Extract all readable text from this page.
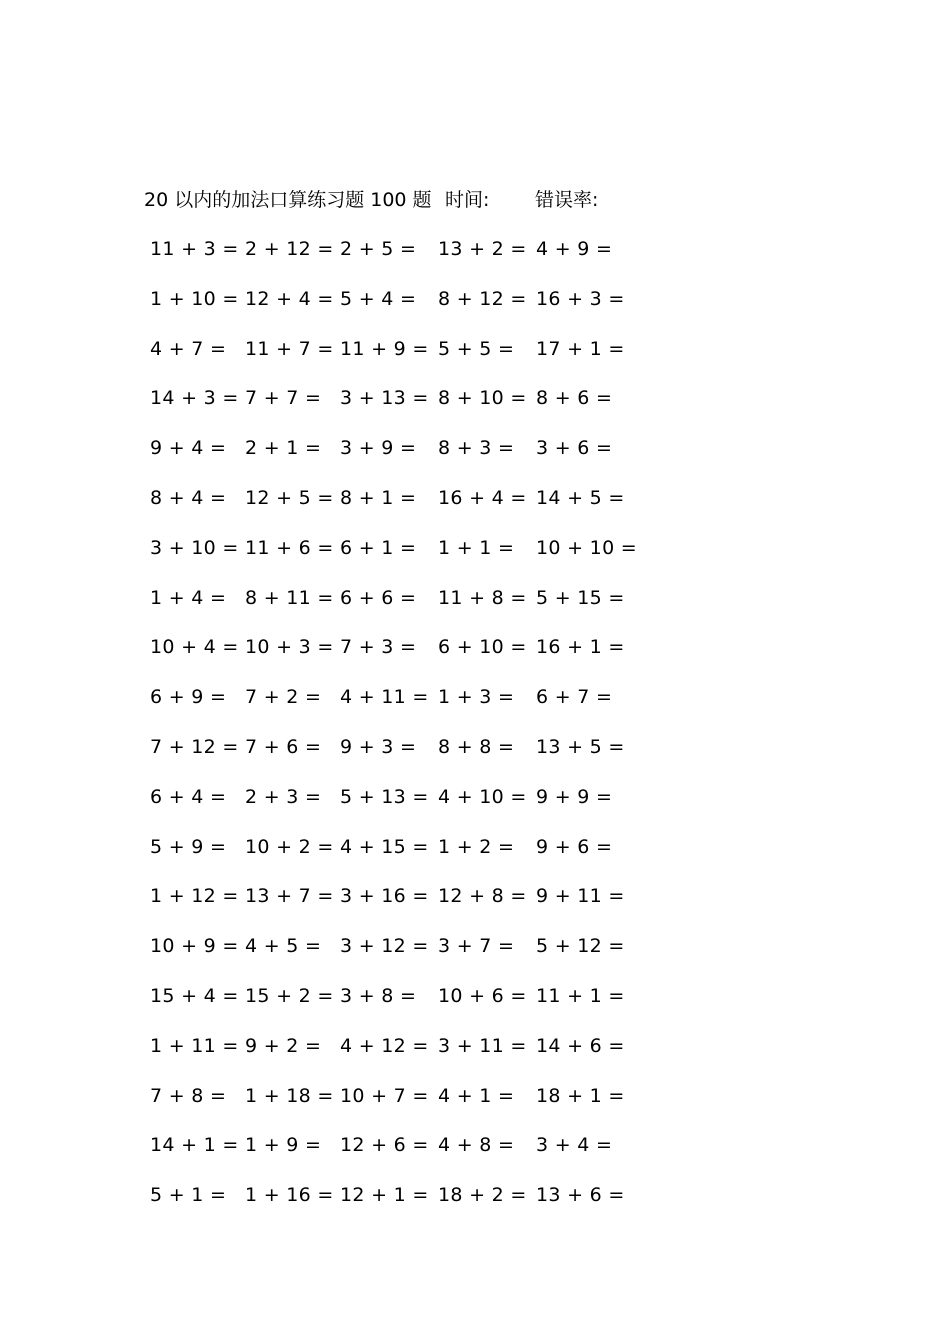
20 以内的加法口算练习题 100 题 时间: 错误率:
11 + 3 = 2 + 12 = 2 + 5 = 13 + 2 = 4 + 9 =
1 + 10 = 12 + 4 = 5 + 4 = 8 + 12 = 16 + 3 =
4 + 7 = 11 + 7 = 11 + 9 = 5 + 5 = 17 + 1 =
14 + 3 = 7 + 7 = 3 + 13 = 8 + 10 = 8 + 6 =
9 + 4 = 2 + 1 = 3 + 9 = 8 + 3 = 3 + 6 =
8 + 4 = 12 + 5 = 8 + 1 = 16 + 4 = 14 + 5 =
3 + 10 = 11 + 6 = 6 + 1 = 1 + 1 = 10 + 10 =
1 + 4 = 8 + 11 = 6 + 6 = 11 + 8 = 5 + 15 =
10 + 4 = 10 + 3 = 7 + 3 = 6 + 10 = 16 + 1 =
6 + 9 = 7 + 2 = 4 + 11 = 1 + 3 = 6 + 7 =
7 + 12 = 7 + 6 = 9 + 3 = 8 + 8 = 13 + 5 =
6 + 4 = 2 + 3 = 5 + 13 = 4 + 10 = 9 + 9 =
5 + 9 = 10 + 2 = 4 + 15 = 1 + 2 = 9 + 6 =
1 + 12 = 13 + 7 = 3 + 16 = 12 + 8 = 9 + 11 =
10 + 9 = 4 + 5 = 3 + 12 = 3 + 7 = 5 + 12 =
15 + 4 = 15 + 2 = 3 + 8 = 10 + 6 = 11 + 1 =
1 + 11 = 9 + 2 = 4 + 12 = 3 + 11 = 14 + 6 =
7 + 8 = 1 + 18 = 10 + 7 = 4 + 1 = 18 + 1 =
14 + 1 = 1 + 9 = 12 + 6 = 4 + 8 = 3 + 4 =
5 + 1 = 1 + 16 = 12 + 1 = 18 + 2 = 13 + 6 =
